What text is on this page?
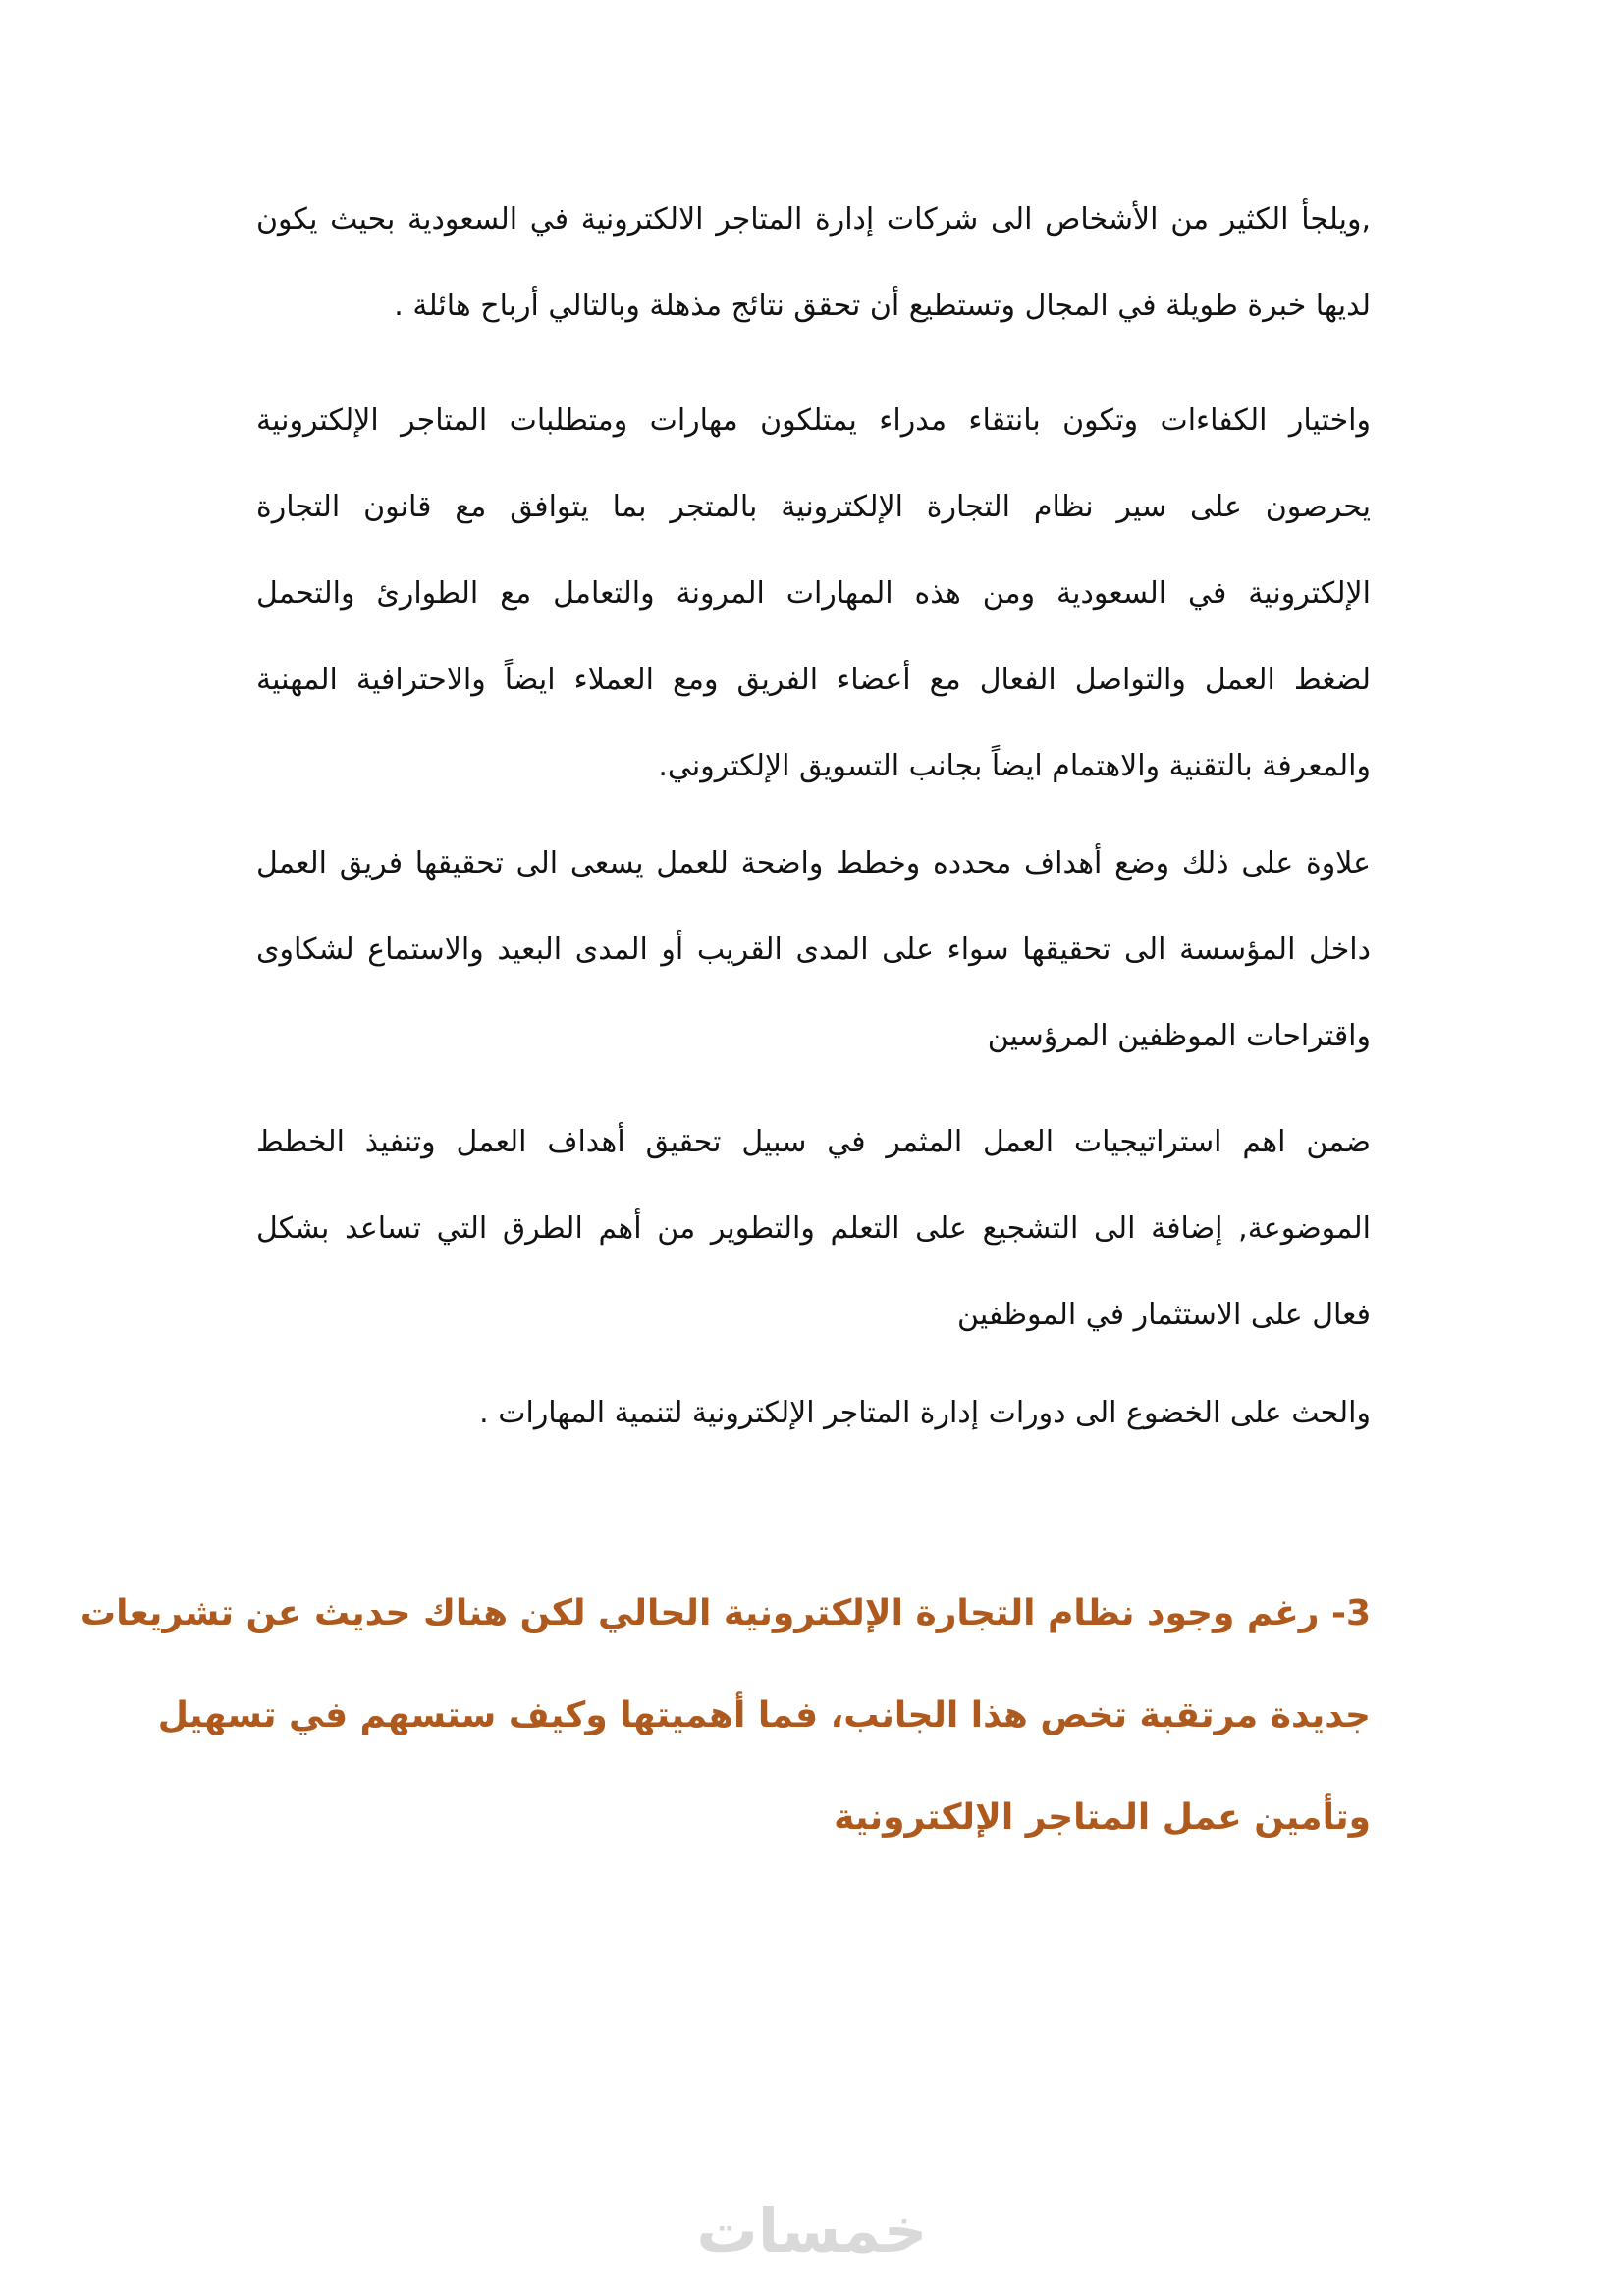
,ويلجأ الكثير من الأشخاص الى شركات إدارة المتاجر الالكترونية في السعودية بحيث يكون
لديها خبرة طويلة في المجال وتستطيع أن تحقق نتائج مذهلة وبالتالي أرباح هائلة .
واختيار الكفاءات وتكون بانتقاء مدراء يمتلكون مهارات ومتطلبات المتاجر الإلكترونية
يحرصون على سير نظام التجارة الإلكترونية بالمتجر بما يتوافق مع قانون التجارة
الإلكترونية في السعودية ومن هذه المهارات المرونة والتعامل مع الطوارئ والتحمل
لضغط العمل والتواصل الفعال مع أعضاء الفريق ومع العملاء ايضاً والاحترافية المهنية
والمعرفة بالتقنية والاهتمام ايضاً بجانب التسويق الإلكتروني.
علاوة على ذلك وضع أهداف محدده وخطط واضحة للعمل يسعى الى تحقيقها فريق العمل
داخل المؤسسة الى تحقيقها سواء على المدى القريب أو المدى البعيد والاستماع لشكاوى
واقتراحات الموظفين المرؤسين
ضمن اهم استراتيجيات العمل المثمر في سبيل تحقيق أهداف العمل وتنفيذ الخطط
الموضوعة, إضافة الى التشجيع على التعلم والتطوير من أهم الطرق التي تساعد بشكل
فعال على الاستثمار في الموظفين
والحث على الخضوع الى دورات إدارة المتاجر الإلكترونية لتنمية المهارات .
3- رغم وجود نظام التجارة الإلكترونية الحالي لكن هناك حديث عن تشريعات
جديدة مرتقبة تخص هذا الجانب، فما أهميتها وكيف ستسهم في تسهيل
وتأمين عمل المتاجر الإلكترونية
خمسات
